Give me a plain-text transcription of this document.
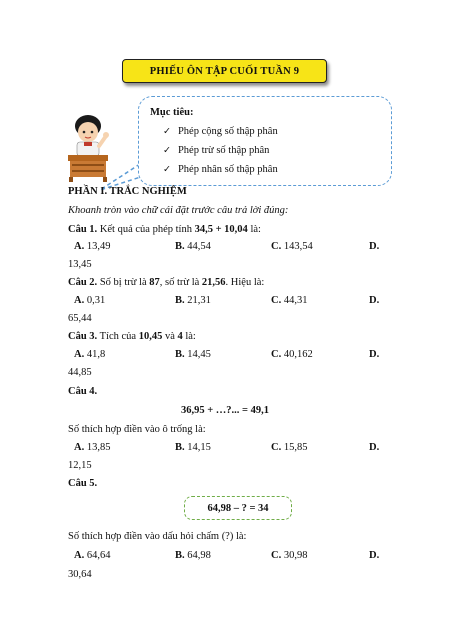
PHIẾU ÔN TẬP CUỐI TUẦN 9
Mục tiêu:
✓ Phép cộng số thập phân
✓ Phép trừ số thập phân
✓ Phép nhân số thập phân
PHẦN I. TRẮC NGHIỆM
Khoanh tròn vào chữ cái đặt trước câu trả lời đúng:
Câu 1. Kết quả của phép tính 34,5 + 10,04 là:
A. 13,49	B. 44,54	C. 143,54	D.
13,45
Câu 2. Số bị trừ là 87, số trừ là 21,56. Hiệu là:
A. 0,31	B. 21,31	C. 44,31	D.
65,44
Câu 3. Tích của 10,45 và 4 là:
A. 41,8	B. 14,45	C. 40,162	D.
44,85
Câu 4.
36,95 + …?... = 49,1
Số thích hợp điền vào ô trống là:
A. 13,85	B. 14,15	C. 15,85	D.
12,15
Câu 5.
64,98 – ? = 34
Số thích hợp điền vào dấu hỏi chấm (?) là:
A. 64,64	B. 64,98	C. 30,98	D.
30,64
